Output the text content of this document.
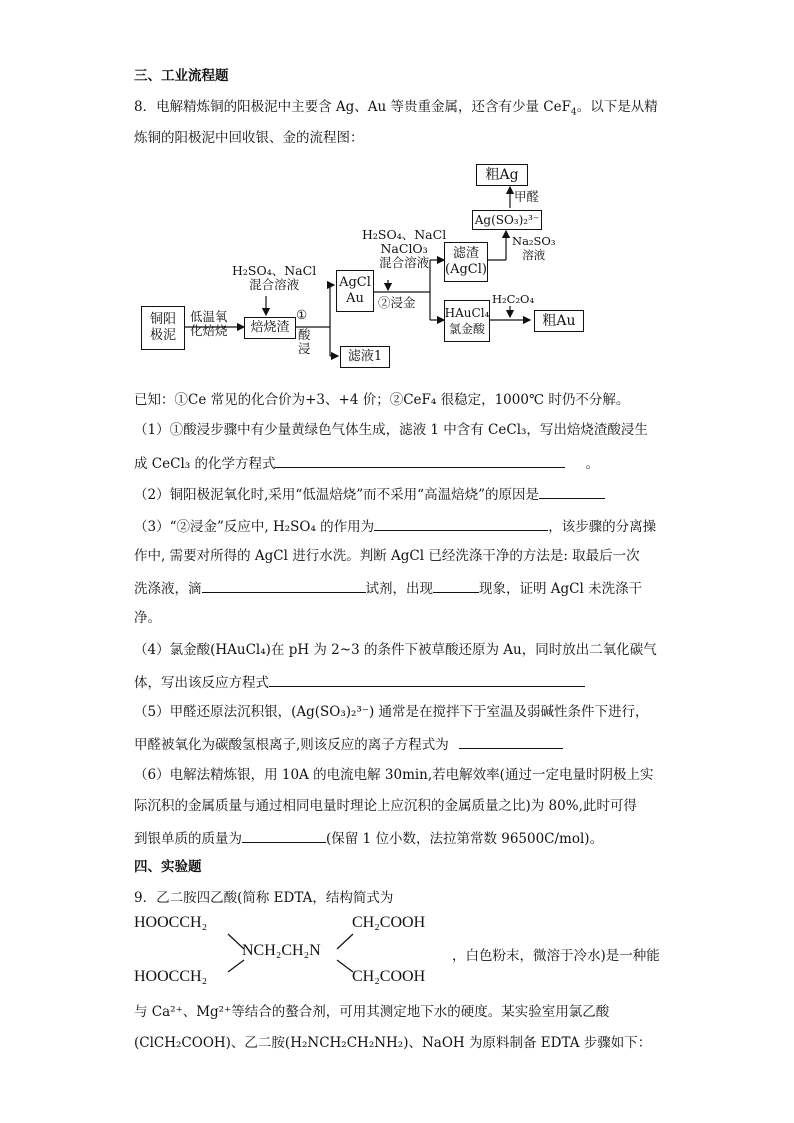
三、工业流程题
8．电解精炼铜的阳极泥中主要含 Ag、Au 等贵重金属，还含有少量 CeF$_4$。以下是从精
炼铜的阳极泥中回收银、金的流程图：
铜阳
极泥
低温氧
化焙烧
H₂SO₄、NaCl
混合溶液
焙烧渣
①
酸
浸
AgCl
Au
滤液1
H₂SO₄、NaCl
NaClO₃
混合溶液
②浸金
滤渣
(AgCl)
HAuCl₄
氯金酸
Na₂SO₃
溶液
Ag(SO₃)₂³⁻
甲醛
粗Ag
H₂C₂O₄
粗Au
已知：①Ce 常见的化合价为+3、+4 价；②CeF₄ 很稳定，1000℃ 时仍不分解。
（1）①酸浸步骤中有少量黄绿色气体生成，滤液 1 中含有 CeCl₃，写出焙烧渣酸浸生
成 CeCl₃ 的化学方程式	。
（2）铜阳极泥氧化时,采用“低温焙烧”而不采用“高温焙烧”的原因是
（3）“②浸金”反应中, H₂SO₄ 的作用为	，该步骤的分离操
作中, 需要对所得的 AgCl 进行水洗。判断 AgCl 已经洗涤干净的方法是: 取最后一次
洗涤液，滴	试剂，出现	现象，证明 AgCl 未洗涤干
净。
（4）氯金酸(HAuCl₄)在 pH 为 2~3 的条件下被草酸还原为 Au，同时放出二氧化碳气
体，写出该反应方程式
（5）甲醛还原法沉积银，(Ag(SO₃)₂³⁻) 通常是在搅拌下于室温及弱碱性条件下进行，
甲醛被氧化为碳酸氢根离子,则该反应的离子方程式为
（6）电解法精炼银，用 10A 的电流电解 30min,若电解效率(通过一定电量时阴极上实
际沉积的金属质量与通过相同电量时理论上应沉积的金属质量之比)为 80%,此时可得
到银单质的质量为	(保留 1 位小数，法拉第常数 96500C/mol)。
四、实验题
9．乙二胺四乙酸(简称 EDTA，结构简式为
HOOCCH₂
HOOCCH₂
NCH₂CH₂N
CH₂COOH
CH₂COOH
，白色粉末，微溶于冷水)是一种能
与 Ca²⁺、Mg²⁺等结合的螯合剂，可用其测定地下水的硬度。某实验室用氯乙酸
(ClCH₂COOH)、乙二胺(H₂NCH₂CH₂NH₂)、NaOH 为原料制备 EDTA 步骤如下：
